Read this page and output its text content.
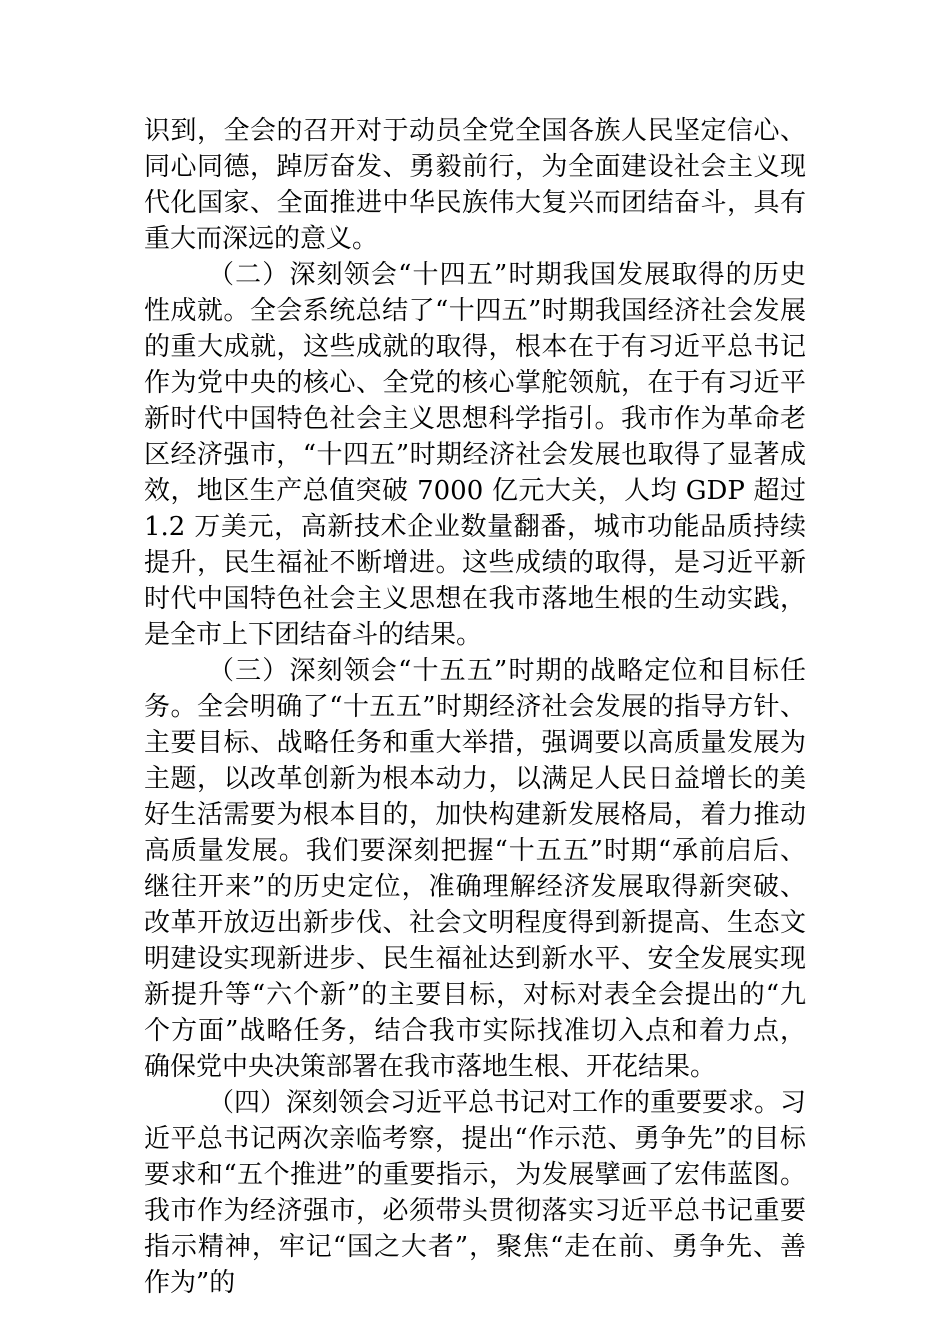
识到，全会的召开对于动员全党全国各族人民坚定信心、同心同德，踔厉奋发、勇毅前行，为全面建设社会主义现代化国家、全面推进中华民族伟大复兴而团结奋斗，具有重大而深远的意义。

（二）深刻领会“十四五”时期我国发展取得的历史性成就。全会系统总结了“十四五”时期我国经济社会发展的重大成就，这些成就的取得，根本在于有习近平总书记作为党中央的核心、全党的核心掌舵领航，在于有习近平新时代中国特色社会主义思想科学指引。我市作为革命老区经济强市，“十四五”时期经济社会发展也取得了显著成效，地区生产总值突破 7000 亿元大关，人均 GDP 超过 1.2 万美元，高新技术企业数量翻番，城市功能品质持续提升，民生福祉不断增进。这些成绩的取得，是习近平新时代中国特色社会主义思想在我市落地生根的生动实践，是全市上下团结奋斗的结果。

（三）深刻领会“十五五”时期的战略定位和目标任务。全会明确了“十五五”时期经济社会发展的指导方针、主要目标、战略任务和重大举措，强调要以高质量发展为主题，以改革创新为根本动力，以满足人民日益增长的美好生活需要为根本目的，加快构建新发展格局，着力推动高质量发展。我们要深刻把握“十五五”时期“承前启后、继往开来”的历史定位，准确理解经济发展取得新突破、改革开放迈出新步伐、社会文明程度得到新提高、生态文明建设实现新进步、民生福祉达到新水平、安全发展实现新提升等“六个新”的主要目标，对标对表全会提出的“九个方面”战略任务，结合我市实际找准切入点和着力点，确保党中央决策部署在我市落地生根、开花结果。

（四）深刻领会习近平总书记对工作的重要要求。习近平总书记两次亲临考察，提出“作示范、勇争先”的目标要求和“五个推进”的重要指示，为发展擘画了宏伟蓝图。我市作为经济强市，必须带头贯彻落实习近平总书记重要指示精神，牢记“国之大者”，聚焦“走在前、勇争先、善作为”的
